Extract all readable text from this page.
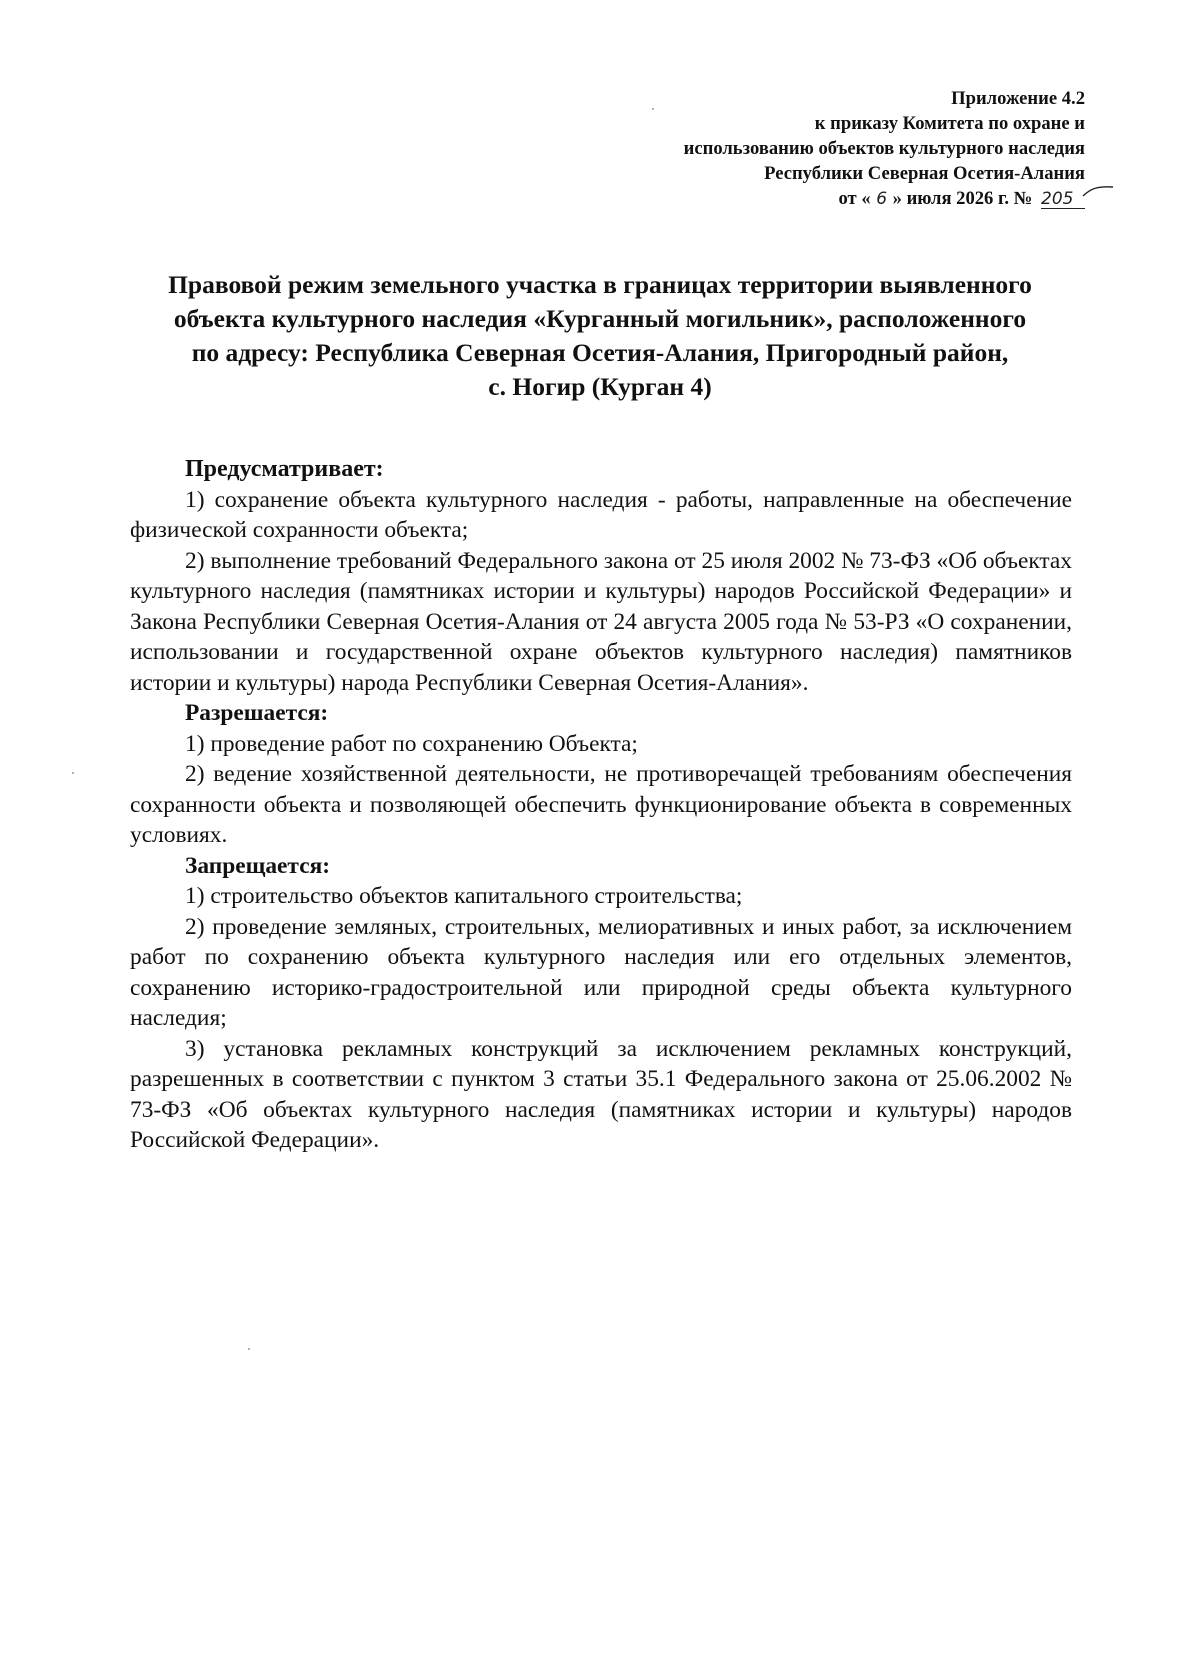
Приложение 4.2
к приказу Комитета по охране и
использованию объектов культурного наследия
Республики Северная Осетия-Алания
от « 6 » июля 2026 г. № 205
Правовой режим земельного участка в границах территории выявленного
объекта культурного наследия «Курганный могильник», расположенного
по адресу: Республика Северная Осетия-Алания, Пригородный район,
с. Ногир (Курган 4)

Предусматривает:

1) сохранение объекта культурного наследия - работы, направленные на обеспечение физической сохранности объекта;

2) выполнение требований Федерального закона от 25 июля 2002 № 73-ФЗ «Об объектах культурного наследия (памятниках истории и культуры) народов Российской Федерации» и Закона Республики Северная Осетия-Алания от 24 августа 2005 года № 53-РЗ «О сохранении, использовании и государственной охране объектов культурного наследия) памятников истории и культуры) народа Республики Северная Осетия-Алания».

Разрешается:

1) проведение работ по сохранению Объекта;

2) ведение хозяйственной деятельности, не противоречащей требованиям обеспечения сохранности объекта и позволяющей обеспечить функционирование объекта в современных условиях.

Запрещается:

1) строительство объектов капитального строительства;

2) проведение земляных, строительных, мелиоративных и иных работ, за исключением работ по сохранению объекта культурного наследия или его отдельных элементов, сохранению историко-градостроительной или природной среды объекта культурного наследия;

3) установка рекламных конструкций за исключением рекламных конструкций, разрешенных в соответствии с пунктом 3 статьи 35.1 Федерального закона от 25.06.2002 № 73-ФЗ «Об объектах культурного наследия (памятниках истории и культуры) народов Российской Федерации».
